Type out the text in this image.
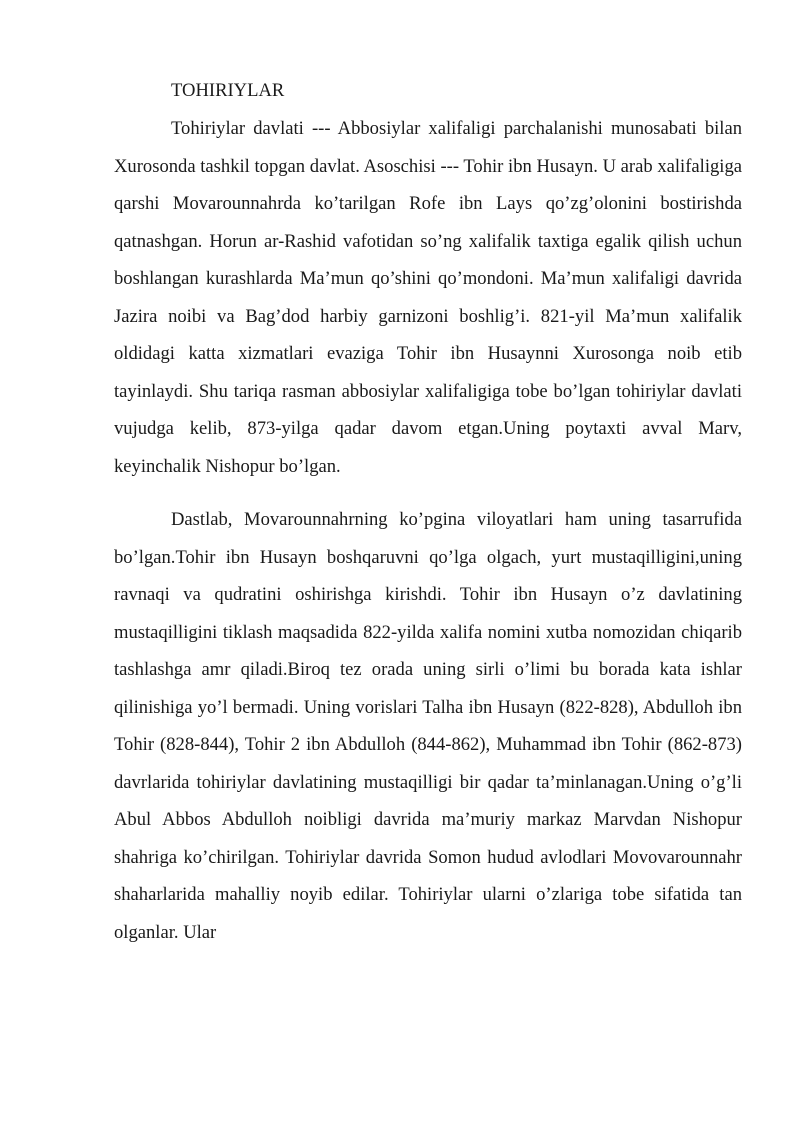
TOHIRIYLAR

Tohiriylar davlati --- Abbosiylar xalifaligi parchalanishi munosabati bilan Xurosonda tashkil topgan davlat. Asoschisi --- Tohir ibn Husayn. U arab xalifaligiga qarshi Movarounnahrda ko’tarilgan Rofe ibn Lays qo’zg’olonini bostirishda qatnashgan. Horun ar-Rashid vafotidan so’ng xalifalik taxtiga egalik qilish uchun boshlangan kurashlarda Ma’mun qo’shini qo’mondoni. Ma’mun xalifaligi davrida Jazira noibi va Bag’dod harbiy garnizoni boshlig’i. 821-yil Ma’mun xalifalik oldidagi katta xizmatlari evaziga Tohir ibn Husaynni Xurosonga noib etib tayinlaydi. Shu tariqa rasman abbosiylar xalifaligiga tobe bo’lgan tohiriylar davlati vujudga kelib, 873-yilga qadar davom etgan.Uning poytaxti avval Marv, keyinchalik Nishopur bo’lgan.

Dastlab, Movarounnahrning ko’pgina viloyatlari ham uning tasarrufida bo’lgan.Tohir ibn Husayn boshqaruvni qo’lga olgach, yurt mustaqilligini,uning ravnaqi va qudratini oshirishga kirishdi. Tohir ibn Husayn o’z davlatining mustaqilligini tiklash maqsadida 822-yilda xalifa nomini xutba nomozidan chiqarib tashlashga amr qiladi.Biroq tez orada uning sirli o’limi bu borada kata ishlar qilinishiga yo’l bermadi. Uning vorislari Talha ibn Husayn (822-828), Abdulloh ibn Tohir (828-844), Tohir 2 ibn Abdulloh (844-862), Muhammad ibn Tohir (862-873) davrlarida tohiriylar davlatining mustaqilligi bir qadar ta’minlanagan.Uning o’g’li Abul Abbos Abdulloh noibligi davrida ma’muriy markaz Marvdan Nishopur shahriga ko’chirilgan. Tohiriylar davrida Somon hudud avlodlari Movovarounnahr shaharlarida mahalliy noyib edilar. Tohiriylar ularni o’zlariga tobe sifatida tan olganlar. Ular
